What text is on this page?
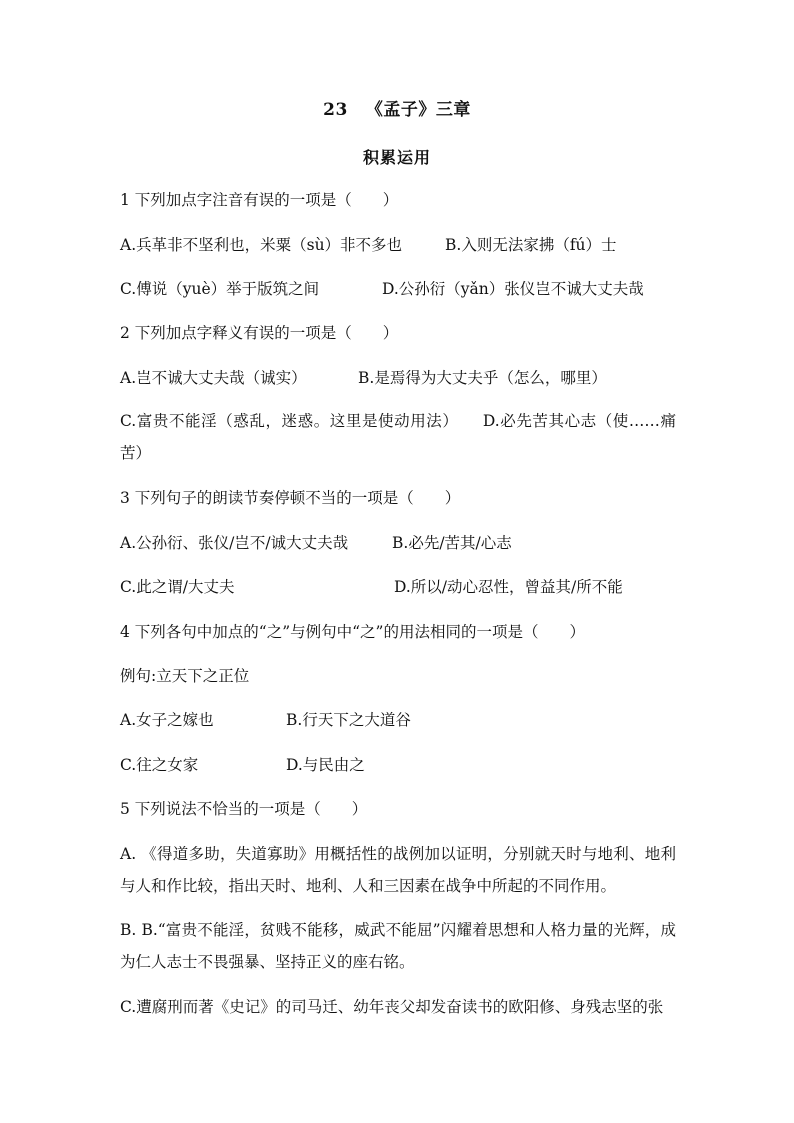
23 《孟子》三章
积累运用
1 下列加点字注音有误的一项是（　　）
A.兵革非不坚利也，米粟（sù）非不多也	B.入则无法家拂（fú）士
C.傅说（yuè）举于版筑之间	D.公孙衍（yǎn）张仪岂不诚大丈夫哉
2 下列加点字释义有误的一项是（　　）
A.岂不诚大丈夫哉（诚实）	B.是焉得为大丈夫乎（怎么，哪里）
C.富贵不能淫（惑乱，迷惑。这里是使动用法）　　 D.必先苦其心志（使……痛苦）
3 下列句子的朗读节奏停顿不当的一项是（　　）
A.公孙衍、张仪/岂不/诚大丈夫哉	B.必先/苦其/心志
C.此之谓/大丈夫	D.所以/动心忍性，曾益其/所不能
4 下列各句中加点的“之”与例句中“之”的用法相同的一项是（　　）
例句:立天下之正位
A.女子之嫁也	B.行天下之大道谷
C.往之女家	D.与民由之
5 下列说法不恰当的一项是（　　）
A. 《得道多助，失道寡助》用概括性的战例加以证明，分别就天时与地利、地利与人和作比较，指出天时、地利、人和三因素在战争中所起的不同作用。
B. B.“富贵不能淫，贫贱不能移，威武不能屈”闪耀着思想和人格力量的光辉，成为仁人志士不畏强暴、坚持正义的座右铭。
C.遭腐刑而著《史记》的司马迁、幼年丧父却发奋读书的欧阳修、身残志坚的张
